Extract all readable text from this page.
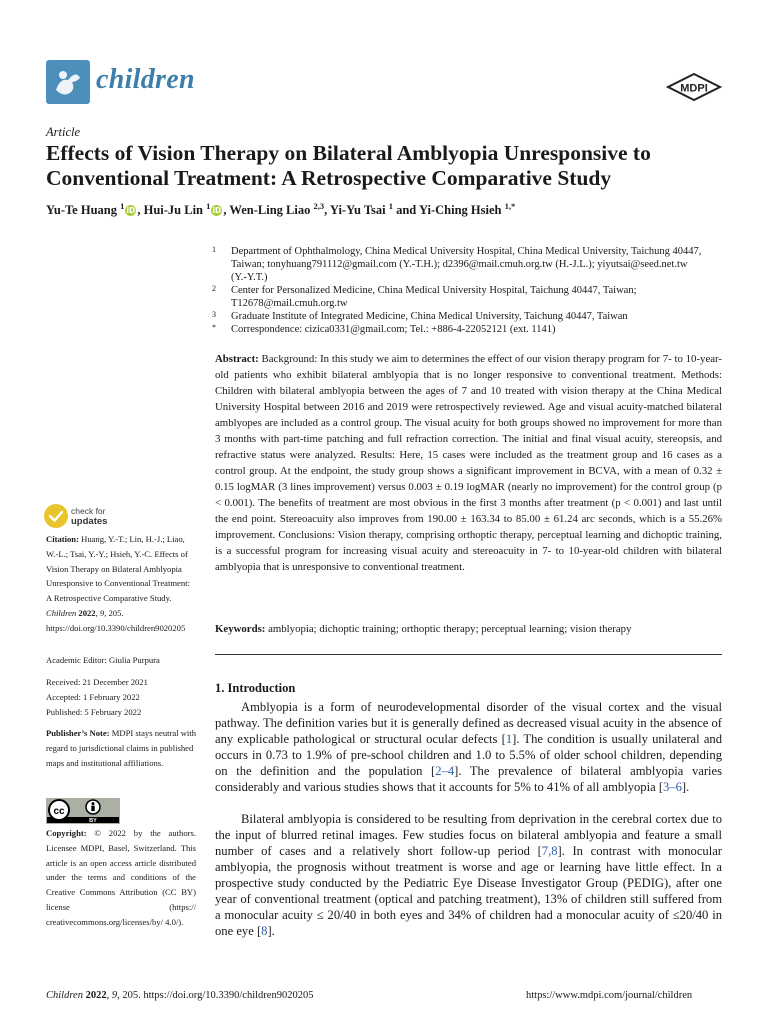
children	MDPI
Article
Effects of Vision Therapy on Bilateral Amblyopia Unresponsive to Conventional Treatment: A Retrospective Comparative Study
Yu-Te Huang $^1$ iD , Hui-Ju Lin $^1$ iD , Wen-Ling Liao $^{2,3}$, Yi-Yu Tsai $^1$ and Yi-Ching Hsieh $^{1,*}$
1 Department of Ophthalmology, China Medical University Hospital, China Medical University, Taichung 40447, Taiwan; tonyhuang791112@gmail.com (Y.-T.H.); d2396@mail.cmuh.org.tw (H.-J.L.); yiyutsai@seed.net.tw (Y.-Y.T.)
2 Center for Personalized Medicine, China Medical University Hospital, Taichung 40447, Taiwan; T12678@mail.cmuh.org.tw
3 Graduate Institute of Integrated Medicine, China Medical University, Taichung 40447, Taiwan
* Correspondence: cizica0331@gmail.com; Tel.: +886-4-22052121 (ext. 1141)
check for
updates
Citation: Huang, Y.-T.; Lin, H.-J.; Liao, W.-L.; Tsai, Y.-Y.; Hsieh, Y.-C. Effects of Vision Therapy on Bilateral Amblyopia Unresponsive to Conventional Treatment: A Retrospective Comparative Study. Children 2022, 9, 205. https://doi.org/10.3390/children9020205
Academic Editor: Giulia Purpura
Received: 21 December 2021
Accepted: 1 February 2022
Published: 5 February 2022
Publisher’s Note: MDPI stays neutral with regard to jurisdictional claims in published maps and institutional affiliations.
cc
BY
Copyright: © 2022 by the authors. Licensee MDPI, Basel, Switzerland. This article is an open access article distributed under the terms and conditions of the Creative Commons Attribution (CC BY) license (https:// creativecommons.org/licenses/by/ 4.0/).
Abstract: Background: In this study we aim to determines the effect of our vision therapy program for 7- to 10-year-old patients who exhibit bilateral amblyopia that is no longer responsive to conventional treatment. Methods: Children with bilateral amblyopia between the ages of 7 and 10 treated with vision therapy at the China Medical University Hospital between 2016 and 2019 were retrospectively reviewed. Age and visual acuity-matched bilateral amblyopes are included as a control group. The visual acuity for both groups showed no improvement for more than 3 months with part-time patching and full refraction correction. The initial and final visual acuity, stereopsis, and refractive status were analyzed. Results: Here, 15 cases were included as the treatment group and 16 cases as a control group. At the endpoint, the study group shows a significant improvement in BCVA, with a mean of 0.32 ± 0.15 logMAR (3 lines improvement) versus 0.003 ± 0.19 logMAR (nearly no improvement) for the control group (p < 0.001). The benefits of treatment are most obvious in the first 3 months after treatment (p < 0.001) and last until the end point. Stereoacuity also improves from 190.00 ± 163.34 to 85.00 ± 61.24 arc seconds, which is a 55.26% improvement. Conclusions: Vision therapy, comprising orthoptic therapy, perceptual learning and dichoptic training, is a successful program for increasing visual acuity and stereoacuity in 7- to 10-year-old children with bilateral amblyopia that is unresponsive to conventional treatment.
Keywords: amblyopia; dichoptic training; orthoptic therapy; perceptual learning; vision therapy
1. Introduction
Amblyopia is a form of neurodevelopmental disorder of the visual cortex and the visual pathway. The definition varies but it is generally defined as decreased visual acuity in the absence of any explicable pathological or structural ocular defects [1]. The condition is usually unilateral and occurs in 0.73 to 1.9% of pre-school children and 1.0 to 5.5% of older school children, depending on the definition and the population [2–4]. The prevalence of bilateral amblyopia varies considerably and various studies shows that it accounts for 5% to 41% of all amblyopia [3–6].
Bilateral amblyopia is considered to be resulting from deprivation in the cerebral cortex due to the input of blurred retinal images. Few studies focus on bilateral amblyopia and feature a small number of cases and a relatively short follow-up period [7,8]. In contrast with monocular amblyopia, the prognosis without treatment is worse and age or learning have little effect. In a prospective study conducted by the Pediatric Eye Disease Investigator Group (PEDIG), after one year of conventional treatment (optical and patching treatment), 13% of children still suffered from a monocular acuity ≤ 20/40 in both eyes and 34% of children had a monocular acuity of ≤20/40 in one eye [8].
Children 2022, 9, 205. https://doi.org/10.3390/children9020205	https://www.mdpi.com/journal/children
